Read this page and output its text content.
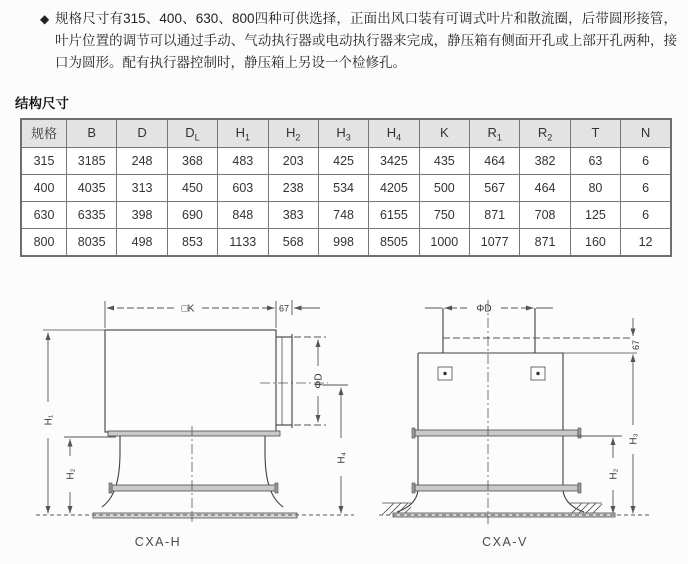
◆ 规格尺寸有315、400、630、800四种可供选择，正面出风口装有可调式叶片和散流圈，后带圆形接管，叶片位置的调节可以通过手动、气动执行器或电动执行器来完成，静压箱有侧面开孔或上部开孔两种，接口为圆形。配有执行器控制时，静压箱上另设一个检修孔。
结构尺寸
规格	B	D	$D_L$	$H_1$	$H_2$	$H_3$	$H_4$	K	$R_1$	$R_2$	T	N
315	3185	248	368	483	203	425	3425	435	464	382	63	6
400	4035	313	450	603	238	534	4205	500	567	464	80	6
630	6335	398	690	848	383	748	6155	750	871	708	125	6
800	8035	498	853	1133	568	998	8505	1000	1077	871	160	12
□K	67
ΦD
H₄
H₁
H₂
CXA-H
ΦD
67
H₃
H₂
CXA-V
